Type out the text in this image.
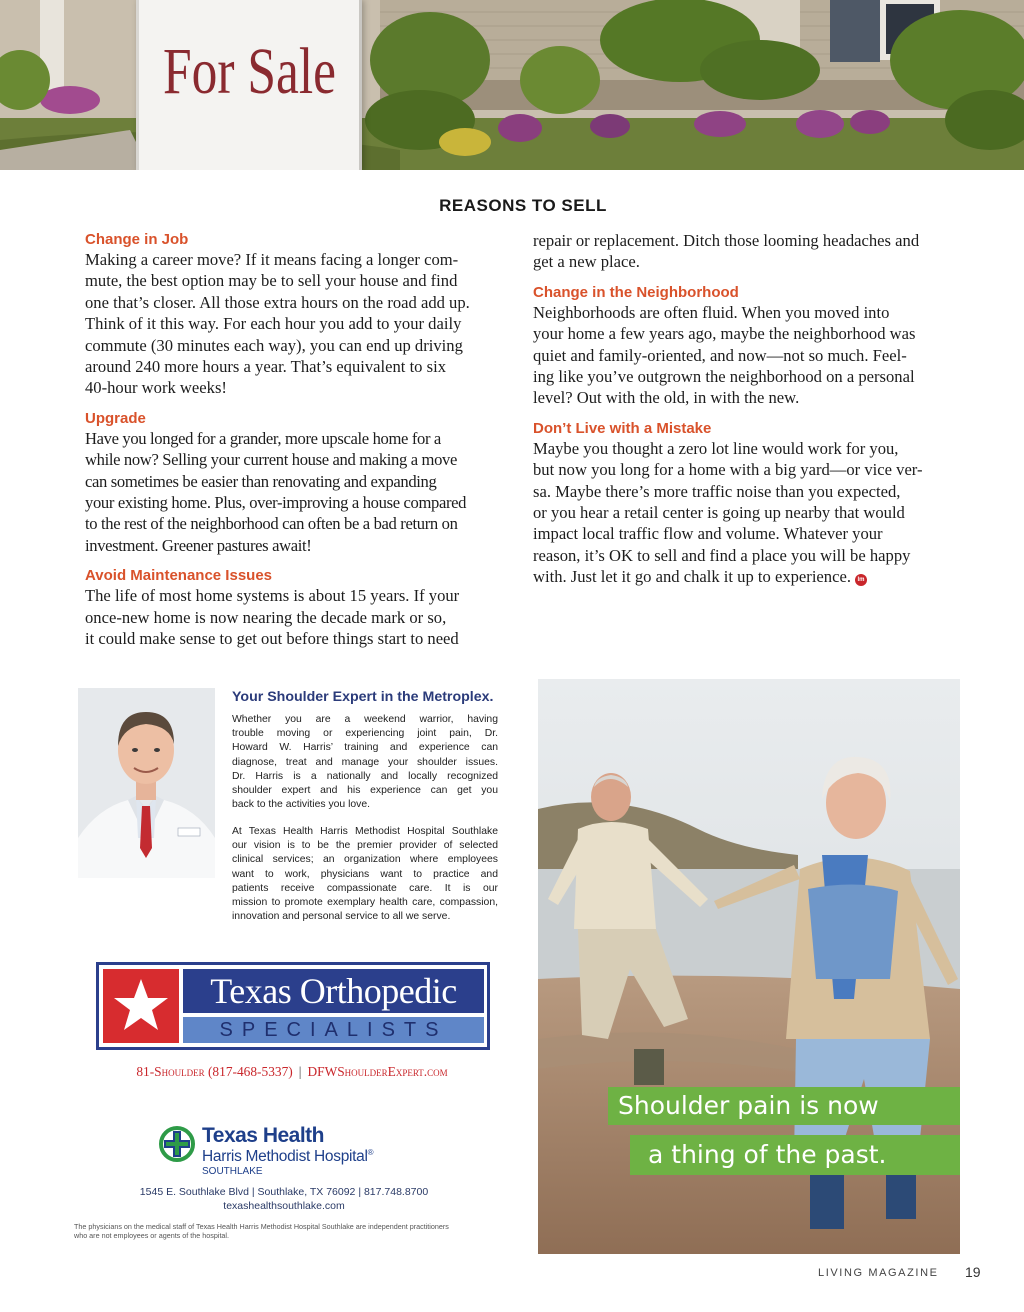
For Sale
REASONS TO SELL
Change in Job
Making a career move? If it means facing a longer com-
mute, the best option may be to sell your house and find
one that’s closer. All those extra hours on the road add up.
Think of it this way. For each hour you add to your daily
commute (30 minutes each way), you can end up driving
around 240 more hours a year. That’s equivalent to six
40-hour work weeks!
Upgrade
Have you longed for a grander, more upscale home for a
while now? Selling your current house and making a move
can sometimes be easier than renovating and expanding
your existing home. Plus, over-improving a house compared
to the rest of the neighborhood can often be a bad return on
investment. Greener pastures await!
Avoid Maintenance Issues
The life of most home systems is about 15 years. If your
once-new home is now nearing the decade mark or so,
it could make sense to get out before things start to need
repair or replacement. Ditch those looming headaches and
get a new place.
Change in the Neighborhood
Neighborhoods are often fluid. When you moved into
your home a few years ago, maybe the neighborhood was
quiet and family-oriented, and now—not so much. Feel-
ing like you’ve outgrown the neighborhood on a personal
level? Out with the old, in with the new.
Don’t Live with a Mistake
Maybe you thought a zero lot line would work for you,
but now you long for a home with a big yard—or vice ver-
sa. Maybe there’s more traffic noise than you expected,
or you hear a retail center is going up nearby that would
impact local traffic flow and volume. Whatever your
reason, it’s OK to sell and find a place you will be happy
with. Just let it go and chalk it up to experience. lm
Your Shoulder Expert in the Metroplex.
Whether you are a weekend warrior, having
trouble moving or experiencing joint pain, Dr.
Howard W. Harris’ training and experience can
diagnose, treat and manage your shoulder issues.
Dr. Harris is a nationally and locally recognized
shoulder expert and his experience can get you
back to the activities you love.
At Texas Health Harris Methodist Hospital Southlake
our vision is to be the premier provider of selected
clinical services; an organization where employees
want to work, physicians want to practice and
patients receive compassionate care. It is our
mission to promote exemplary health care, compassion,
innovation and personal service to all we serve.
Texas Orthopedic
SPECIALISTS
81-Shoulder (817-468-5337) | DFWShoulderExpert.com
Texas Health
Harris Methodist Hospital®
SOUTHLAKE
1545 E. Southlake Blvd | Southlake, TX 76092 | 817.748.8700
texashealthsouthlake.com
The physicians on the medical staff of Texas Health Harris Methodist Hospital Southlake are independent practitioners
who are not employees or agents of the hospital.
Shoulder pain is now
a thing of the past.
LIVING MAGAZINE 19
